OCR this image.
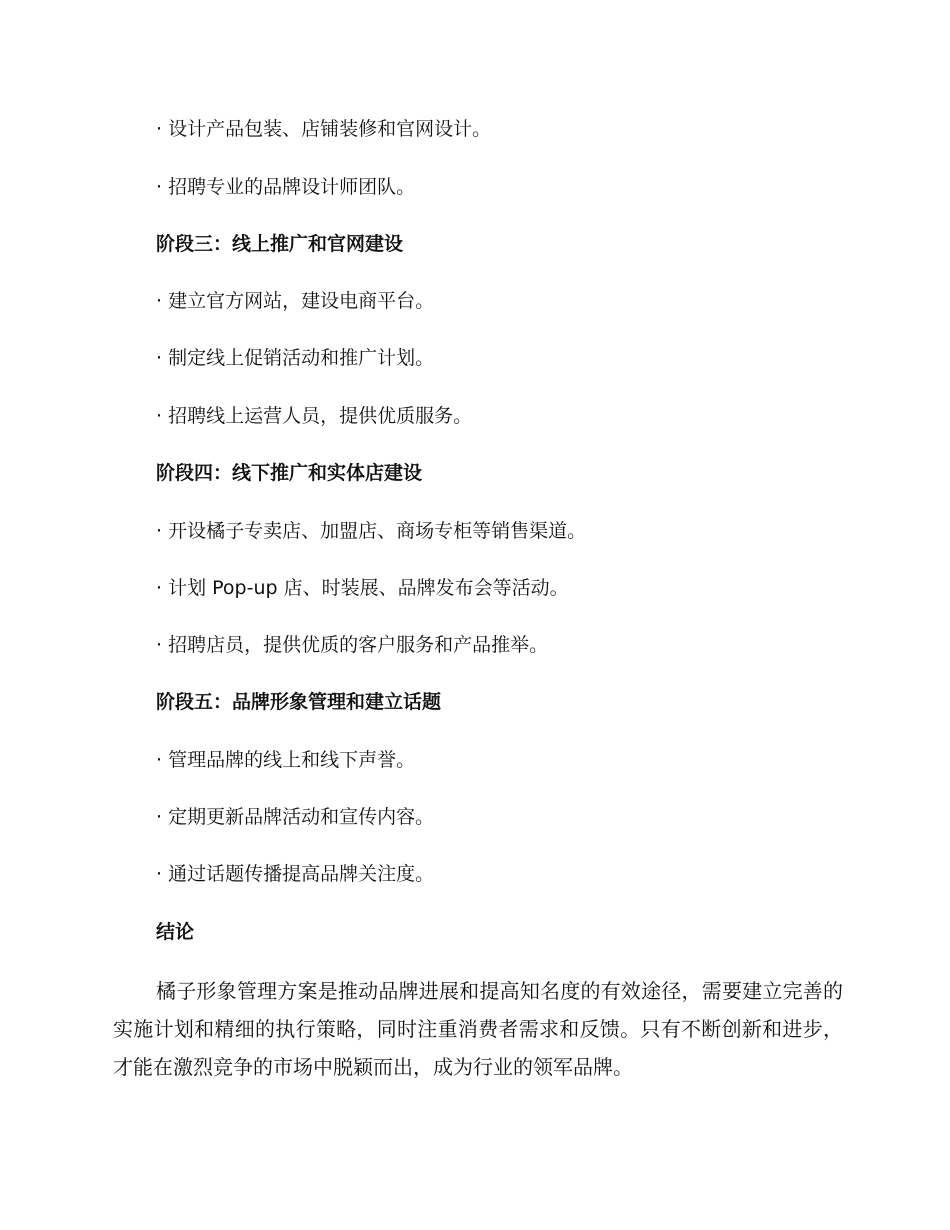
· 设计产品包装、店铺装修和官网设计。
· 招聘专业的品牌设计师团队。
阶段三：线上推广和官网建设
· 建立官方网站，建设电商平台。
· 制定线上促销活动和推广计划。
· 招聘线上运营人员，提供优质服务。
阶段四：线下推广和实体店建设
· 开设橘子专卖店、加盟店、商场专柜等销售渠道。
· 计划 Pop-up 店、时装展、品牌发布会等活动。
· 招聘店员，提供优质的客户服务和产品推举。
阶段五：品牌形象管理和建立话题
· 管理品牌的线上和线下声誉。
· 定期更新品牌活动和宣传内容。
· 通过话题传播提高品牌关注度。
结论
橘子形象管理方案是推动品牌进展和提高知名度的有效途径，需要建立完善的实施计划和精细的执行策略，同时注重消费者需求和反馈。只有不断创新和进步，才能在激烈竞争的市场中脱颖而出，成为行业的领军品牌。
